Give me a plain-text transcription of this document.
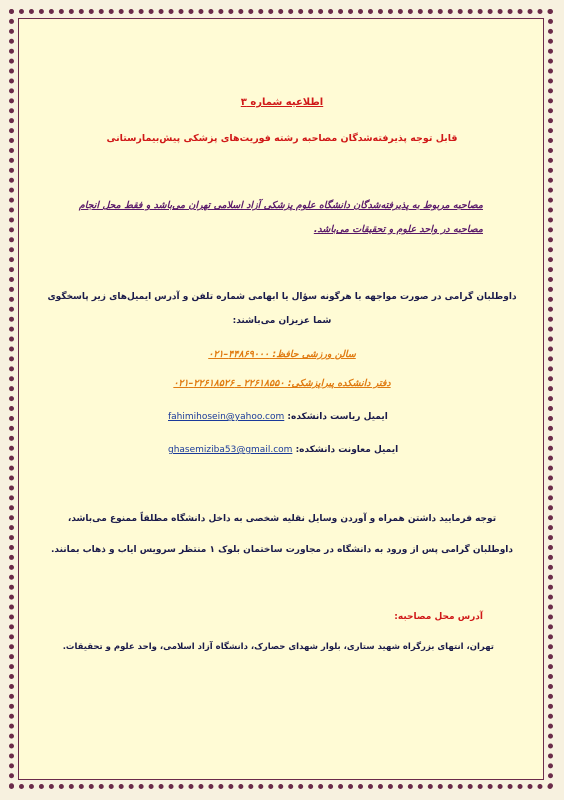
اطلاعیه شماره ۳
قابل توجه پذیرفته‌شدگان مصاحبه رشته فوریت‌های پزشکی پیش‌بیمارستانی
مصاحبه مربوط به پذیرفته‌شدگان دانشگاه علوم پزشکی آزاد اسلامی تهران می‌باشد و فقط محل انجام
مصاحبه در واحد علوم و تحقیقات می‌باشد.
داوطلبان گرامی در صورت مواجهه با هرگونه سؤال یا ابهامی شماره تلفن و آدرس ایمیل‌های زیر پاسخگوی
شما عزیزان می‌باشند:
سالن ورزشی حافظ: ۴۴۸۶۹۰۰۰–۰۲۱
دفتر دانشکده پیراپزشکی: ۲۲۶۱۸۵۵۰ ـ ۲۲۶۱۸۵۲۶–۰۲۱
ایمیل ریاست دانشکده: fahimihosein@yahoo.com
ایمیل معاونت دانشکده: ghasemiziba53@gmail.com
توجه فرمایید داشتن همراه و آوردن وسایل نقلیه شخصی به داخل دانشگاه مطلقاً ممنوع می‌باشد،
داوطلبان گرامی پس از ورود به دانشگاه در مجاورت ساختمان بلوک ۱ منتظر سرویس ایاب و ذهاب بمانند.
آدرس محل مصاحبه:
تهران، انتهای بزرگراه شهید ستاری، بلوار شهدای حصارک، دانشگاه آزاد اسلامی، واحد علوم و تحقیقات.
